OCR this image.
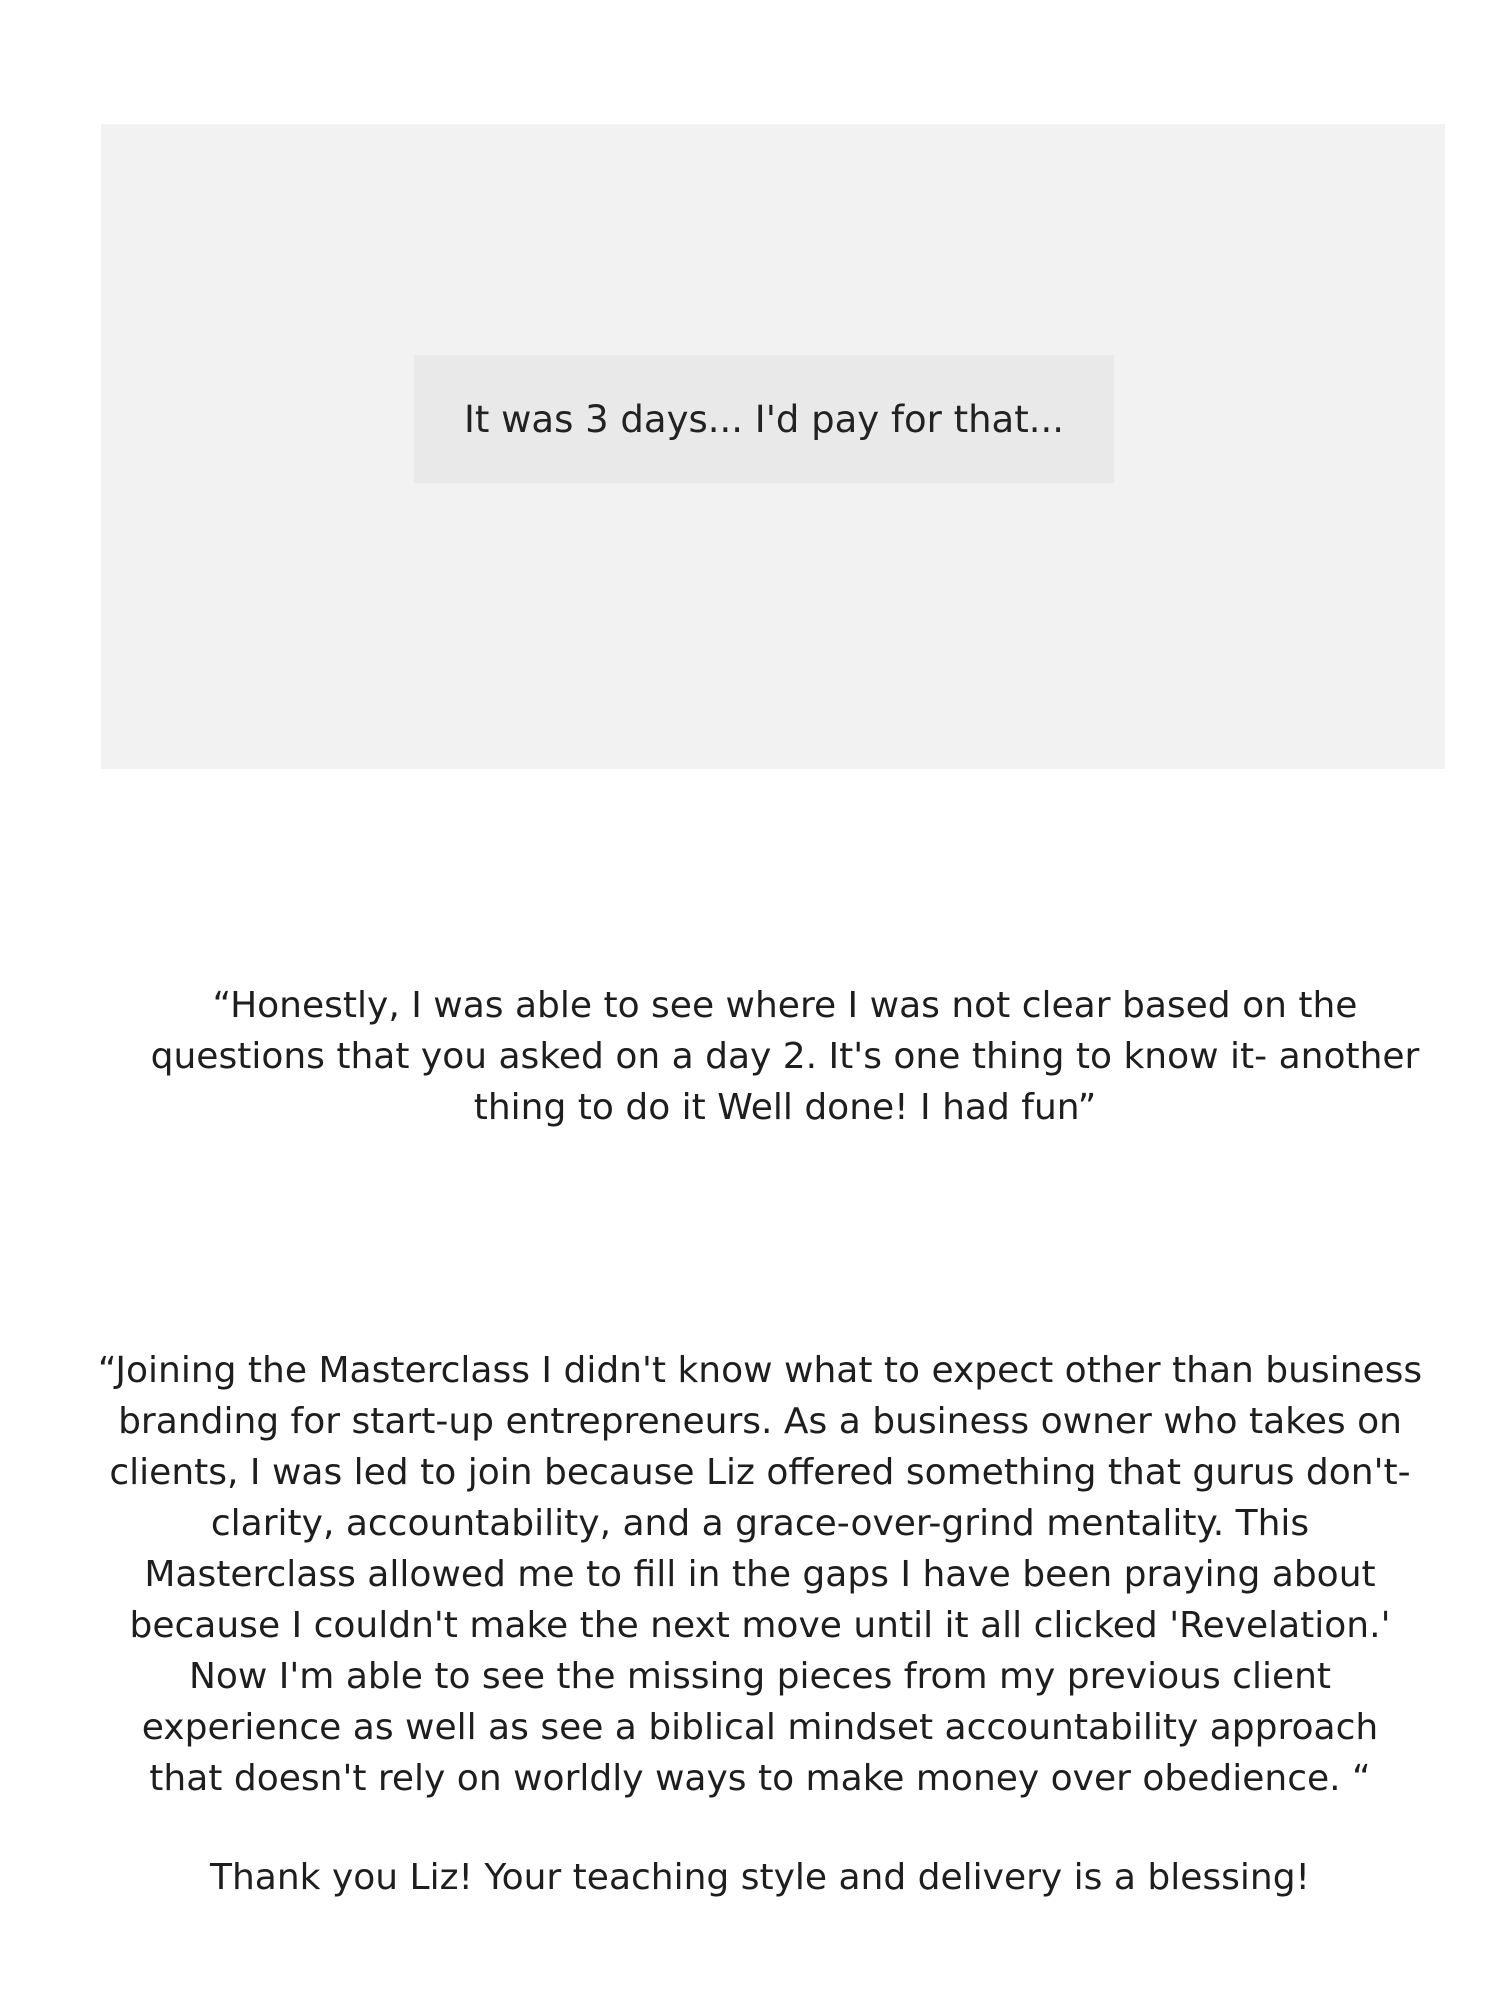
It was 3 days... I'd pay for that...
“Honestly, I was able to see where I was not clear based on the
questions that you asked on a day 2. It's one thing to know it- another
thing to do it Well done! I had fun”
“Joining the Masterclass I didn't know what to expect other than business
branding for start-up entrepreneurs. As a business owner who takes on
clients, I was led to join because Liz offered something that gurus don't-
clarity, accountability, and a grace-over-grind mentality. This
Masterclass allowed me to fill in the gaps I have been praying about
because I couldn't make the next move until it all clicked 'Revelation.'
Now I'm able to see the missing pieces from my previous client
experience as well as see a biblical mindset accountability approach
that doesn't rely on worldly ways to make money over obedience. “
Thank you Liz! Your teaching style and delivery is a blessing!
